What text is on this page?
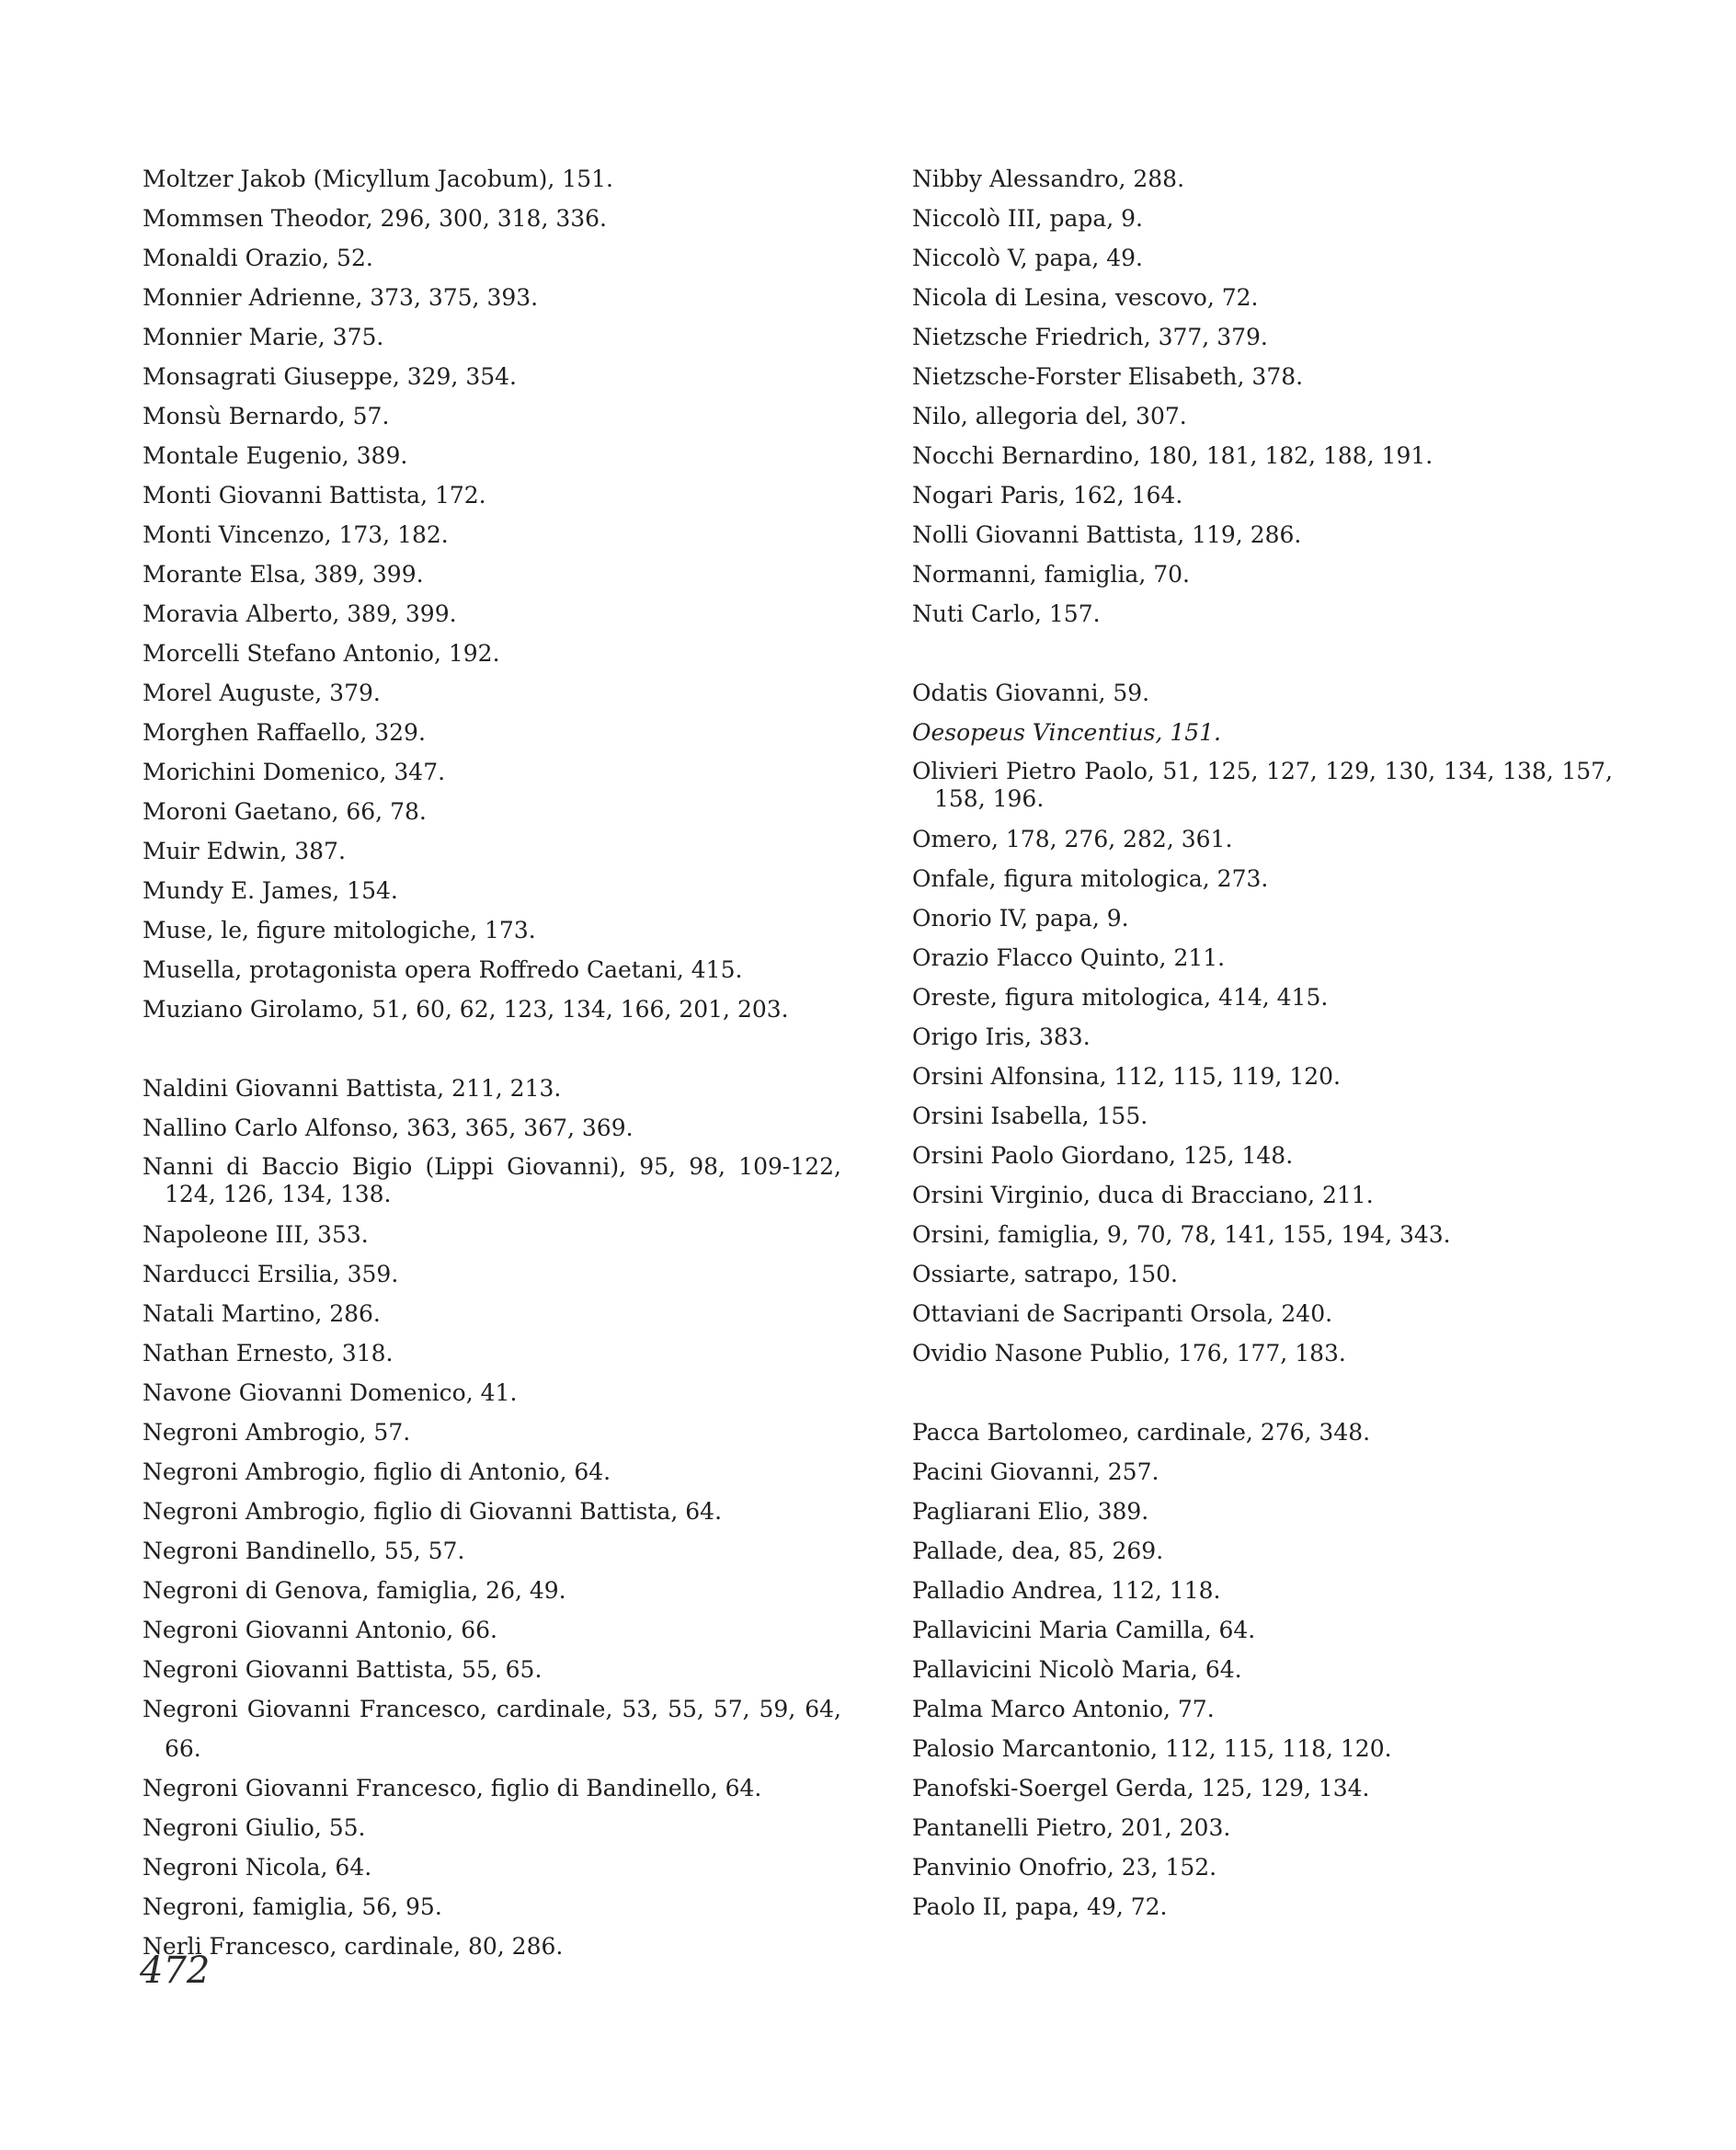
Moltzer Jakob (Micyllum Jacobum), 151.
Mommsen Theodor, 296, 300, 318, 336.
Monaldi Orazio, 52.
Monnier Adrienne, 373, 375, 393.
Monnier Marie, 375.
Monsagrati Giuseppe, 329, 354.
Monsù Bernardo, 57.
Montale Eugenio, 389.
Monti Giovanni Battista, 172.
Monti Vincenzo, 173, 182.
Morante Elsa, 389, 399.
Moravia Alberto, 389, 399.
Morcelli Stefano Antonio, 192.
Morel Auguste, 379.
Morghen Raffaello, 329.
Morichini Domenico, 347.
Moroni Gaetano, 66, 78.
Muir Edwin, 387.
Mundy E. James, 154.
Muse, le, figure mitologiche, 173.
Musella, protagonista opera Roffredo Caetani, 415.
Muziano Girolamo, 51, 60, 62, 123, 134, 166, 201, 203.
Naldini Giovanni Battista, 211, 213.
Nallino Carlo Alfonso, 363, 365, 367, 369.
Nanni di Baccio Bigio (Lippi Giovanni), 95, 98, 109-122, 124, 126, 134, 138.
Napoleone III, 353.
Narducci Ersilia, 359.
Natali Martino, 286.
Nathan Ernesto, 318.
Navone Giovanni Domenico, 41.
Negroni Ambrogio, 57.
Negroni Ambrogio, figlio di Antonio, 64.
Negroni Ambrogio, figlio di Giovanni Battista, 64.
Negroni Bandinello, 55, 57.
Negroni di Genova, famiglia, 26, 49.
Negroni Giovanni Antonio, 66.
Negroni Giovanni Battista, 55, 65.
Negroni Giovanni Francesco, cardinale, 53, 55, 57, 59, 64, 66.
Negroni Giovanni Francesco, figlio di Bandinello, 64.
Negroni Giulio, 55.
Negroni Nicola, 64.
Negroni, famiglia, 56, 95.
Nerli Francesco, cardinale, 80, 286.
Nibby Alessandro, 288.
Niccolò III, papa, 9.
Niccolò V, papa, 49.
Nicola di Lesina, vescovo, 72.
Nietzsche Friedrich, 377, 379.
Nietzsche-Forster Elisabeth, 378.
Nilo, allegoria del, 307.
Nocchi Bernardino, 180, 181, 182, 188, 191.
Nogari Paris, 162, 164.
Nolli Giovanni Battista, 119, 286.
Normanni, famiglia, 70.
Nuti Carlo, 157.
Odatis Giovanni, 59.
Oesopeus Vincentius, 151.
Olivieri Pietro Paolo, 51, 125, 127, 129, 130, 134, 138, 157, 158, 196.
Omero, 178, 276, 282, 361.
Onfale, figura mitologica, 273.
Onorio IV, papa, 9.
Orazio Flacco Quinto, 211.
Oreste, figura mitologica, 414, 415.
Origo Iris, 383.
Orsini Alfonsina, 112, 115, 119, 120.
Orsini Isabella, 155.
Orsini Paolo Giordano, 125, 148.
Orsini Virginio, duca di Bracciano, 211.
Orsini, famiglia, 9, 70, 78, 141, 155, 194, 343.
Ossiarte, satrapo, 150.
Ottaviani de Sacripanti Orsola, 240.
Ovidio Nasone Publio, 176, 177, 183.
Pacca Bartolomeo, cardinale, 276, 348.
Pacini Giovanni, 257.
Pagliarani Elio, 389.
Pallade, dea, 85, 269.
Palladio Andrea, 112, 118.
Pallavicini Maria Camilla, 64.
Pallavicini Nicolò Maria, 64.
Palma Marco Antonio, 77.
Palosio Marcantonio, 112, 115, 118, 120.
Panofski-Soergel Gerda, 125, 129, 134.
Pantanelli Pietro, 201, 203.
Panvinio Onofrio, 23, 152.
Paolo II, papa, 49, 72.
472
